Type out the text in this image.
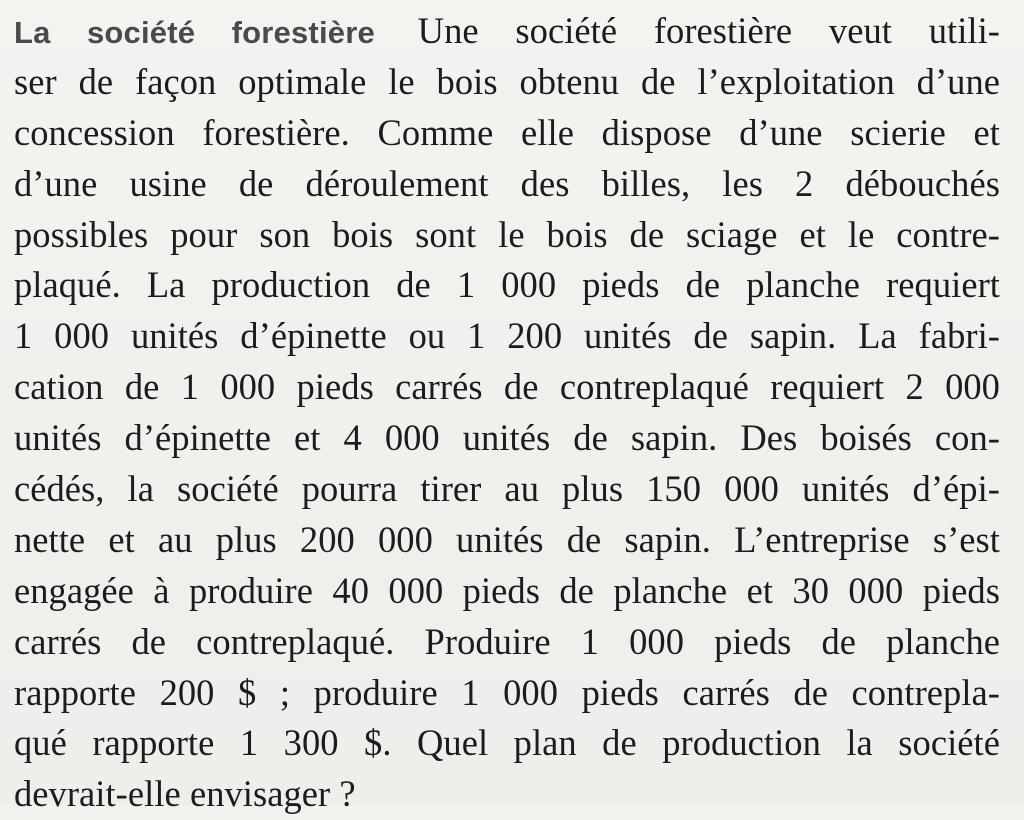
La société forestière Une société forestière veut utili-
ser de façon optimale le bois obtenu de l’exploitation d’une
concession forestière. Comme elle dispose d’une scierie et
d’une usine de déroulement des billes, les 2 débouchés
possibles pour son bois sont le bois de sciage et le contre-
plaqué. La production de 1 000 pieds de planche requiert
1 000 unités d’épinette ou 1 200 unités de sapin. La fabri-
cation de 1 000 pieds carrés de contreplaqué requiert 2 000
unités d’épinette et 4 000 unités de sapin. Des boisés con-
cédés, la société pourra tirer au plus 150 000 unités d’épi-
nette et au plus 200 000 unités de sapin. L’entreprise s’est
engagée à produire 40 000 pieds de planche et 30 000 pieds
carrés de contreplaqué. Produire 1 000 pieds de planche
rapporte 200 $ ; produire 1 000 pieds carrés de contrepla-
qué rapporte 1 300 $. Quel plan de production la société
devrait-elle envisager ?
